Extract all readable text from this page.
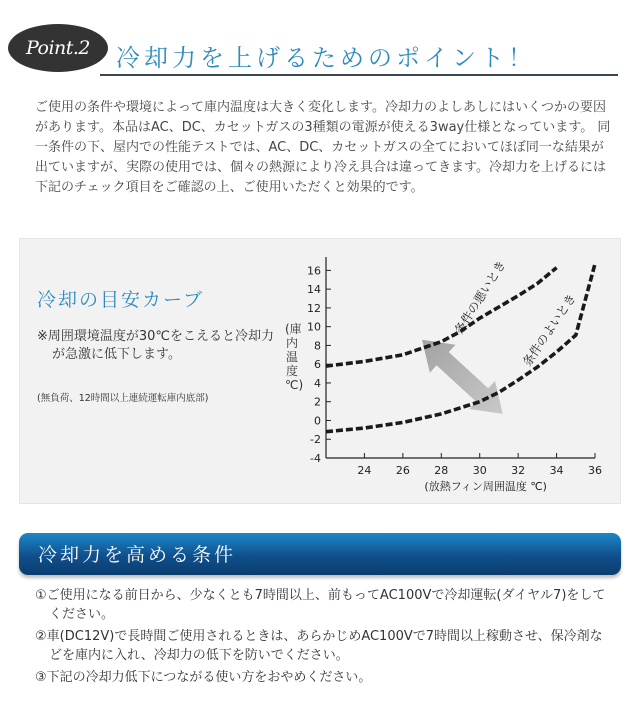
Point.2	冷却力を上げるためのポイント！
ご使用の条件や環境によって庫内温度は大きく変化します。冷却力のよしあしにはいくつかの要因があります。本品はAC、DC、カセットガスの3種類の電源が使える3way仕様となっています。 同一条件の下、屋内での性能テストでは、AC、DC、カセットガスの全てにおいてほぼ同一な結果が出ていますが、実際の使用では、個々の熱源により冷え具合は違ってきます。冷却力を上げるには下記のチェック項目をご確認の上、ご使用いただくと効果的です。
冷却の目安カーブ
※周囲環境温度が30℃をこえると冷却力が急激に低下します。
(無負荷、12時間以上連続運転庫内底部)
(庫内温度 ℃)
-4
-2
0
2
4
6
8
10
12
14
16
24 26 28 30 32 34 36
(放熱フィン周囲温度 ℃)
条件の悪いとき 条件のよいとき
冷却力を高める条件
①ご使用になる前日から、少なくとも7時間以上、前もってAC100Vで冷却運転(ダイヤル7)をしてください。
②車(DC12V)で長時間ご使用されるときは、あらかじめAC100Vで7時間以上稼動させ、保冷剤などを庫内に入れ、冷却力の低下を防いでください。
③下記の冷却力低下につながる使い方をおやめください。
